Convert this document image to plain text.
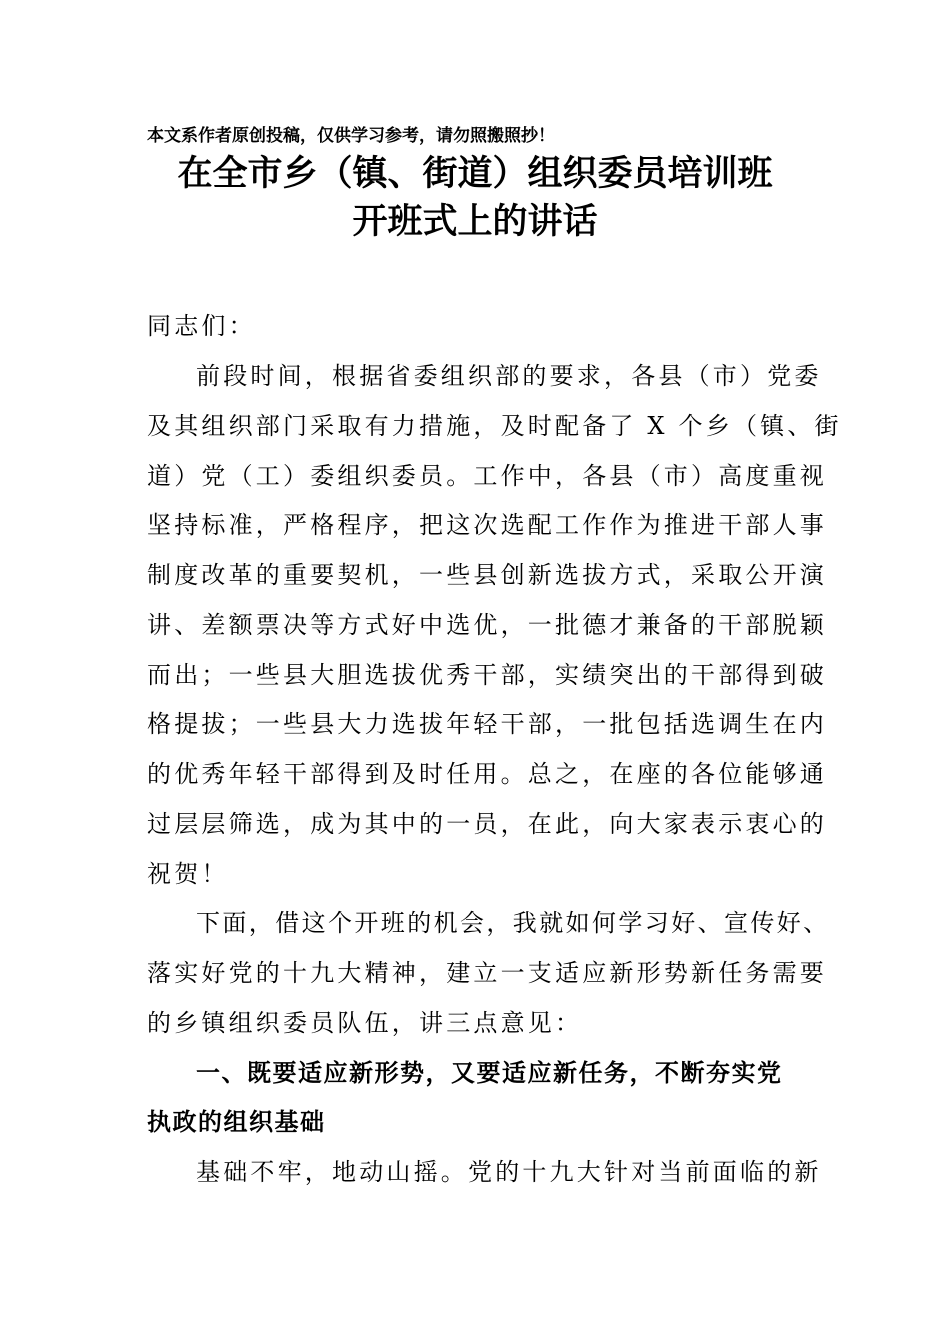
本文系作者原创投稿，仅供学习参考，请勿照搬照抄！
在全市乡（镇、街道）组织委员培训班
开班式上的讲话
同志们：
前段时间，根据省委组织部的要求，各县（市）党委
及其组织部门采取有力措施，及时配备了 X 个乡（镇、街
道）党（工）委组织委员。工作中，各县（市）高度重视
坚持标准，严格程序，把这次选配工作作为推进干部人事
制度改革的重要契机，一些县创新选拔方式，采取公开演
讲、差额票决等方式好中选优，一批德才兼备的干部脱颖
而出；一些县大胆选拔优秀干部，实绩突出的干部得到破
格提拔；一些县大力选拔年轻干部，一批包括选调生在内
的优秀年轻干部得到及时任用。总之，在座的各位能够通
过层层筛选，成为其中的一员，在此，向大家表示衷心的
祝贺！
下面，借这个开班的机会，我就如何学习好、宣传好、
落实好党的十九大精神，建立一支适应新形势新任务需要
的乡镇组织委员队伍，讲三点意见：
一、既要适应新形势，又要适应新任务，不断夯实党
执政的组织基础
基础不牢，地动山摇。党的十九大针对当前面临的新
